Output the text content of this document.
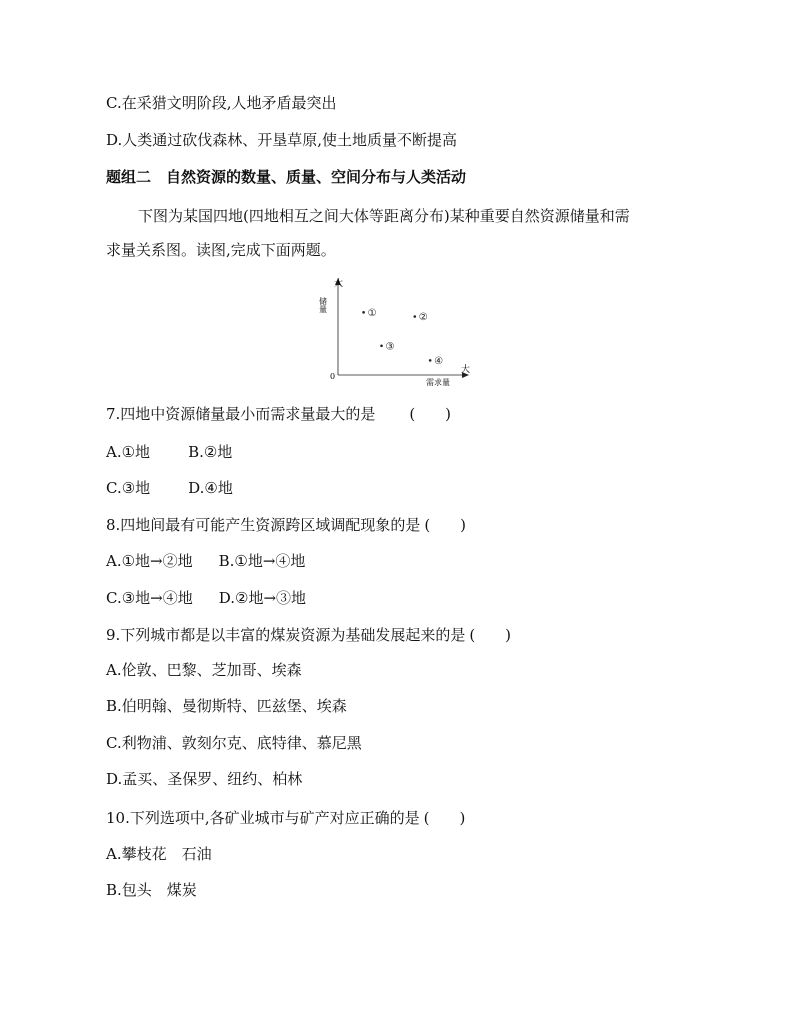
C.在采猎文明阶段,人地矛盾最突出
D.人类通过砍伐森林、开垦草原,使土地质量不断提高
题组二　自然资源的数量、质量、空间分布与人类活动
下图为某国四地(四地相互之间大体等距离分布)某种重要自然资源储量和需
求量关系图。读图,完成下面两题。
大
储量
0
大
需求量
①	②
③
④
7.四地中资源储量最小而需求量最大的是 (　　)
A.①地	B.②地
C.③地	D.④地
8.四地间最有可能产生资源跨区域调配现象的是 (　　)
A.①地→②地 B.①地→④地
C.③地→④地 D.②地→③地
9.下列城市都是以丰富的煤炭资源为基础发展起来的是 (　　)
A.伦敦、巴黎、芝加哥、埃森
B.伯明翰、曼彻斯特、匹兹堡、埃森
C.利物浦、敦刻尔克、底特律、慕尼黑
D.孟买、圣保罗、纽约、柏林
10.下列选项中,各矿业城市与矿产对应正确的是 (　　)
A.攀枝花　石油
B.包头　煤炭
